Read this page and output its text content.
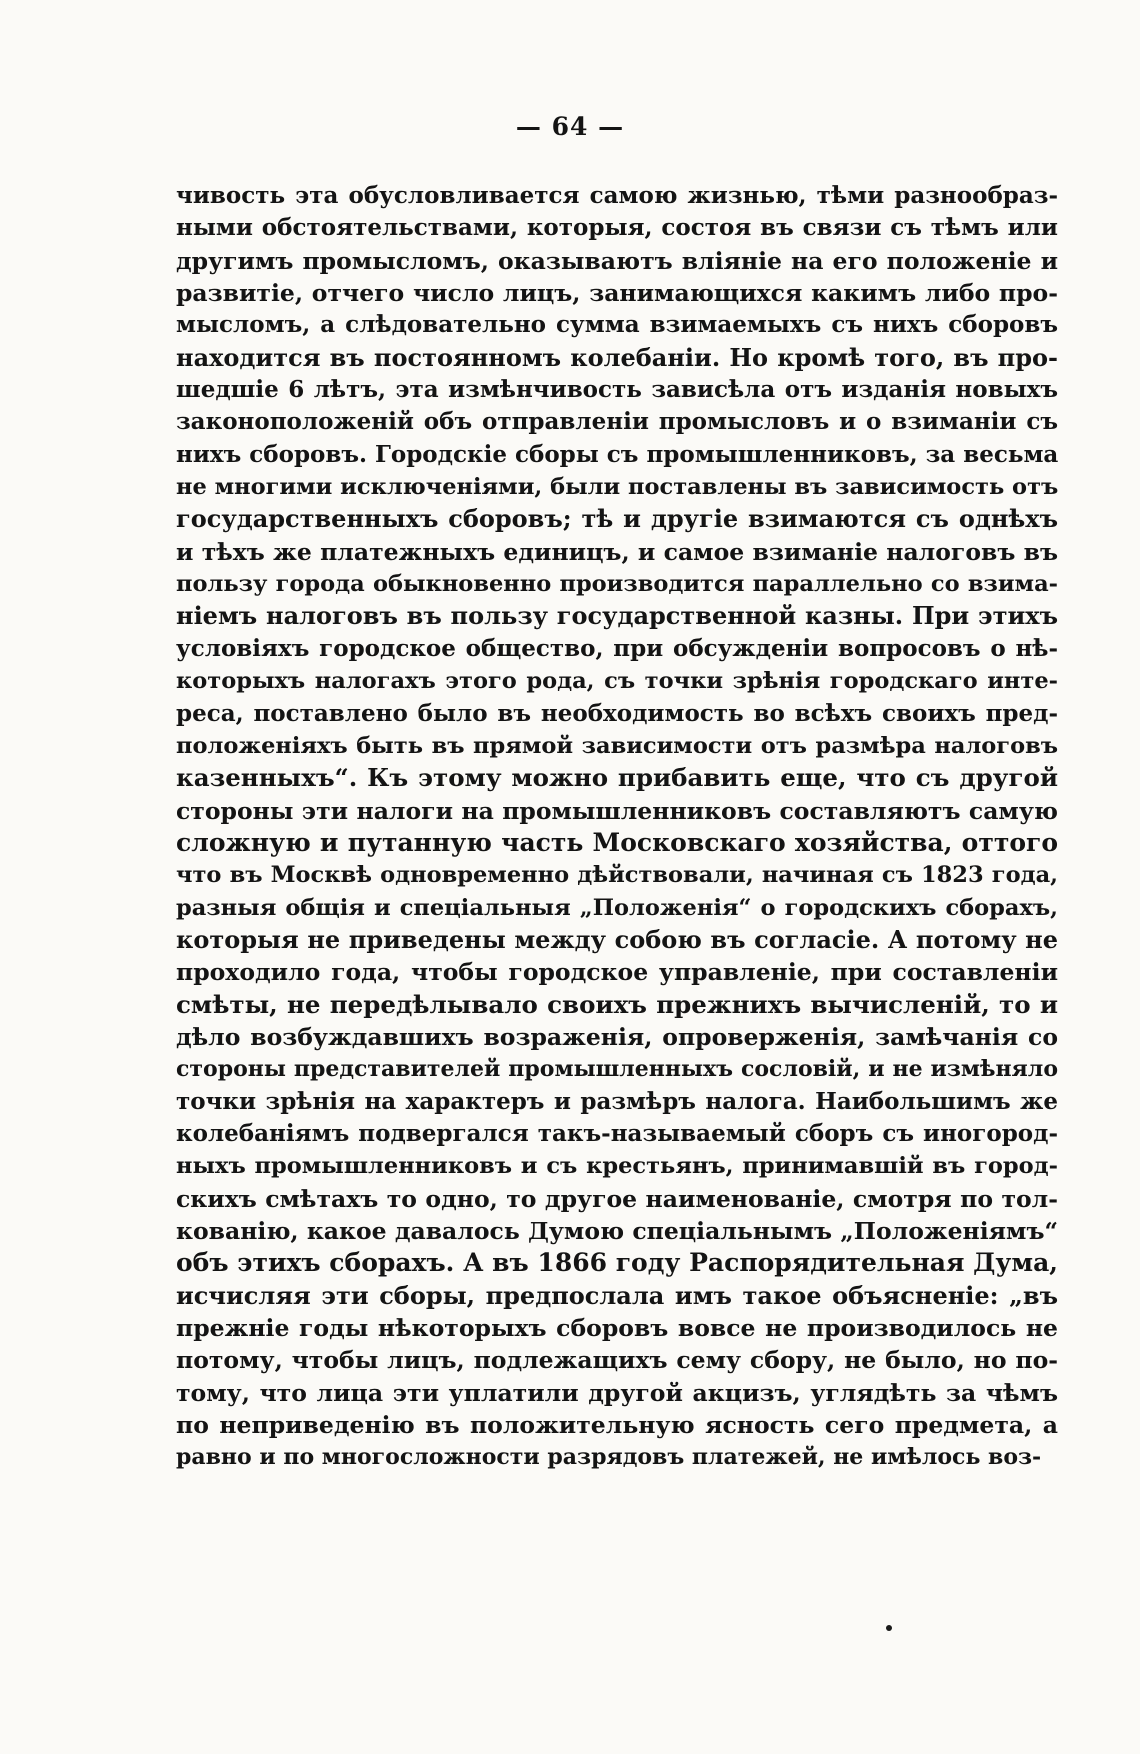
— 64 —
чивость эта обусловливается самою жизнью, тѣми разнообраз-
ными обстоятельствами, которыя, состоя въ связи съ тѣмъ или
другимъ промысломъ, оказываютъ вліяніе на его положеніе и
развитіе, отчего число лицъ, занимающихся какимъ либо про-
мысломъ, а слѣдовательно сумма взимаемыхъ съ нихъ сборовъ
находится въ постоянномъ колебаніи. Но кромѣ того, въ про-
шедшіе 6 лѣтъ, эта измѣнчивость зависѣла отъ изданія новыхъ
законоположеній объ отправленіи промысловъ и о взиманіи съ
нихъ сборовъ. Городскіе сборы съ промышленниковъ, за весьма
не многими исключеніями, были поставлены въ зависимость отъ
государственныхъ сборовъ; тѣ и другіе взимаются съ однѣхъ
и тѣхъ же платежныхъ единицъ, и самое взиманіе налоговъ въ
пользу города обыкновенно производится параллельно со взима-
ніемъ налоговъ въ пользу государственной казны. При этихъ
условіяхъ городское общество, при обсужденіи вопросовъ о нѣ-
которыхъ налогахъ этого рода, съ точки зрѣнія городскаго инте-
реса, поставлено было въ необходимость во всѣхъ своихъ пред-
положеніяхъ быть въ прямой зависимости отъ размѣра налоговъ
казенныхъ“. Къ этому можно прибавить еще, что съ другой
стороны эти налоги на промышленниковъ составляютъ самую
сложную и путанную часть Московскаго хозяйства, оттого
что въ Москвѣ одновременно дѣйствовали, начиная съ 1823 года,
разныя общія и спеціальныя „Положенія“ о городскихъ сборахъ,
которыя не приведены между собою въ согласіе. А потому не
проходило года, чтобы городское управленіе, при составленіи
смѣты, не передѣлывало своихъ прежнихъ вычисленій, то и
дѣло возбуждавшихъ возраженія, опроверженія, замѣчанія со
стороны представителей промышленныхъ сословій, и не измѣняло
точки зрѣнія на характеръ и размѣръ налога. Наибольшимъ же
колебаніямъ подвергался такъ-называемый сборъ съ иногород-
ныхъ промышленниковъ и съ крестьянъ, принимавшій въ город-
скихъ смѣтахъ то одно, то другое наименованіе, смотря по тол-
кованію, какое давалось Думою спеціальнымъ „Положеніямъ“
объ этихъ сборахъ. А въ 1866 году Распорядительная Дума,
исчисляя эти сборы, предпослала имъ такое объясненіе: „въ
прежніе годы нѣкоторыхъ сборовъ вовсе не производилось не
потому, чтобы лицъ, подлежащихъ сему сбору, не было, но по-
тому, что лица эти уплатили другой акцизъ, углядѣть за чѣмъ
по неприведенію въ положительную ясность сего предмета, а
равно и по многосложности разрядовъ платежей, не имѣлось воз-
